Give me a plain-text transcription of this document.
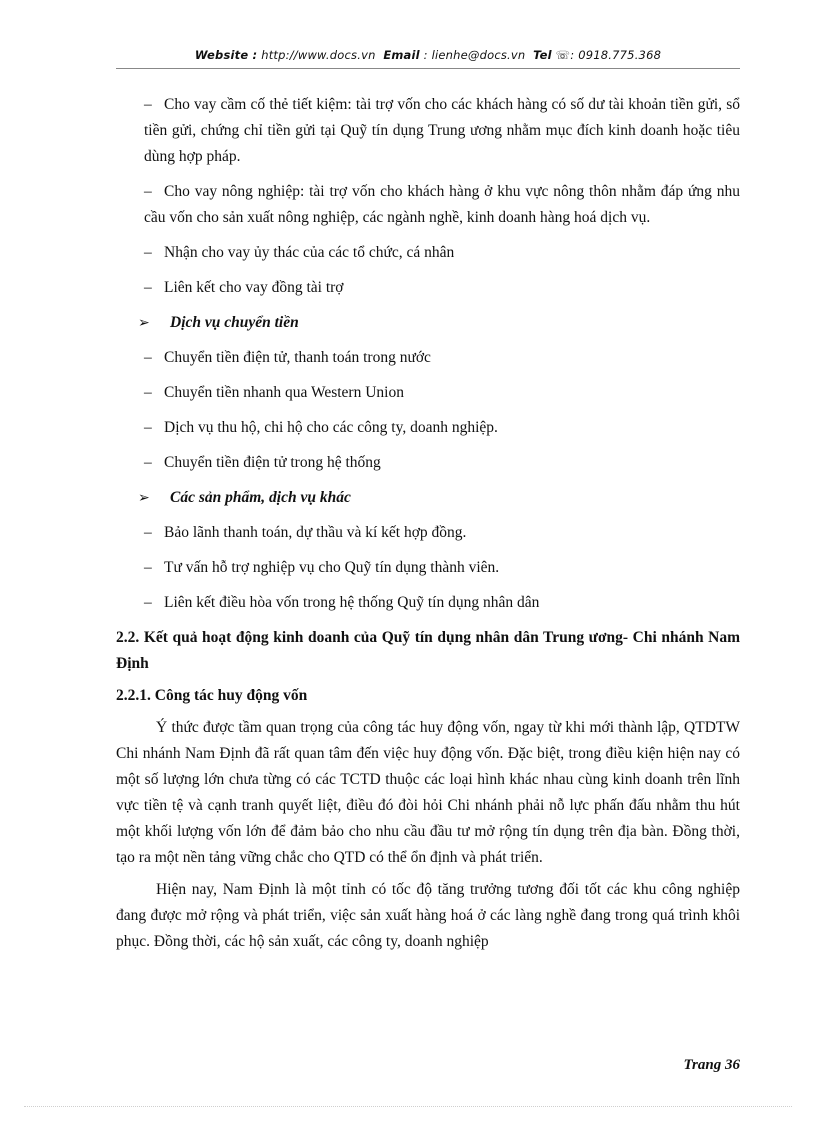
Website : http://www.docs.vn Email : lienhe@docs.vn Tel ☏: 0918.775.368

– Cho vay cầm cố thẻ tiết kiệm: tài trợ vốn cho các khách hàng có số dư tài khoản tiền gửi, sổ tiền gửi, chứng chỉ tiền gửi tại Quỹ tín dụng Trung ương nhằm mục đích kinh doanh hoặc tiêu dùng hợp pháp.

– Cho vay nông nghiệp: tài trợ vốn cho khách hàng ở khu vực nông thôn nhằm đáp ứng nhu cầu vốn cho sản xuất nông nghiệp, các ngành nghề, kinh doanh hàng hoá dịch vụ.

– Nhận cho vay ủy thác của các tổ chức, cá nhân

– Liên kết cho vay đồng tài trợ

➢ Dịch vụ chuyển tiền

– Chuyển tiền điện tử, thanh toán trong nước

– Chuyển tiền nhanh qua Western Union

– Dịch vụ thu hộ, chi hộ cho các công ty, doanh nghiệp.

– Chuyển tiền điện tử trong hệ thống

➢ Các sản phẩm, dịch vụ khác

– Bảo lãnh thanh toán, dự thầu và kí kết hợp đồng.

– Tư vấn hỗ trợ nghiệp vụ cho Quỹ tín dụng thành viên.

– Liên kết điều hòa vốn trong hệ thống Quỹ tín dụng nhân dân

2.2. Kết quả hoạt động kinh doanh của Quỹ tín dụng nhân dân Trung ương- Chi nhánh Nam Định

2.2.1. Công tác huy động vốn

Ý thức được tầm quan trọng của công tác huy động vốn, ngay từ khi mới thành lập, QTDTW Chi nhánh Nam Định đã rất quan tâm đến việc huy động vốn. Đặc biệt, trong điều kiện hiện nay có một số lượng lớn chưa từng có các TCTD thuộc các loại hình khác nhau cùng kinh doanh trên lĩnh vực tiền tệ và cạnh tranh quyết liệt, điều đó đòi hỏi Chi nhánh phải nỗ lực phấn đấu nhằm thu hút một khối lượng vốn lớn để đảm bảo cho nhu cầu đầu tư mở rộng tín dụng trên địa bàn. Đồng thời, tạo ra một nền tảng vững chắc cho QTD có thể ổn định và phát triển.

Hiện nay, Nam Định là một tỉnh có tốc độ tăng trưởng tương đối tốt các khu công nghiệp đang được mở rộng và phát triển, việc sản xuất hàng hoá ở các làng nghề đang trong quá trình khôi phục. Đồng thời, các hộ sản xuất, các công ty, doanh nghiệp

Trang 36
